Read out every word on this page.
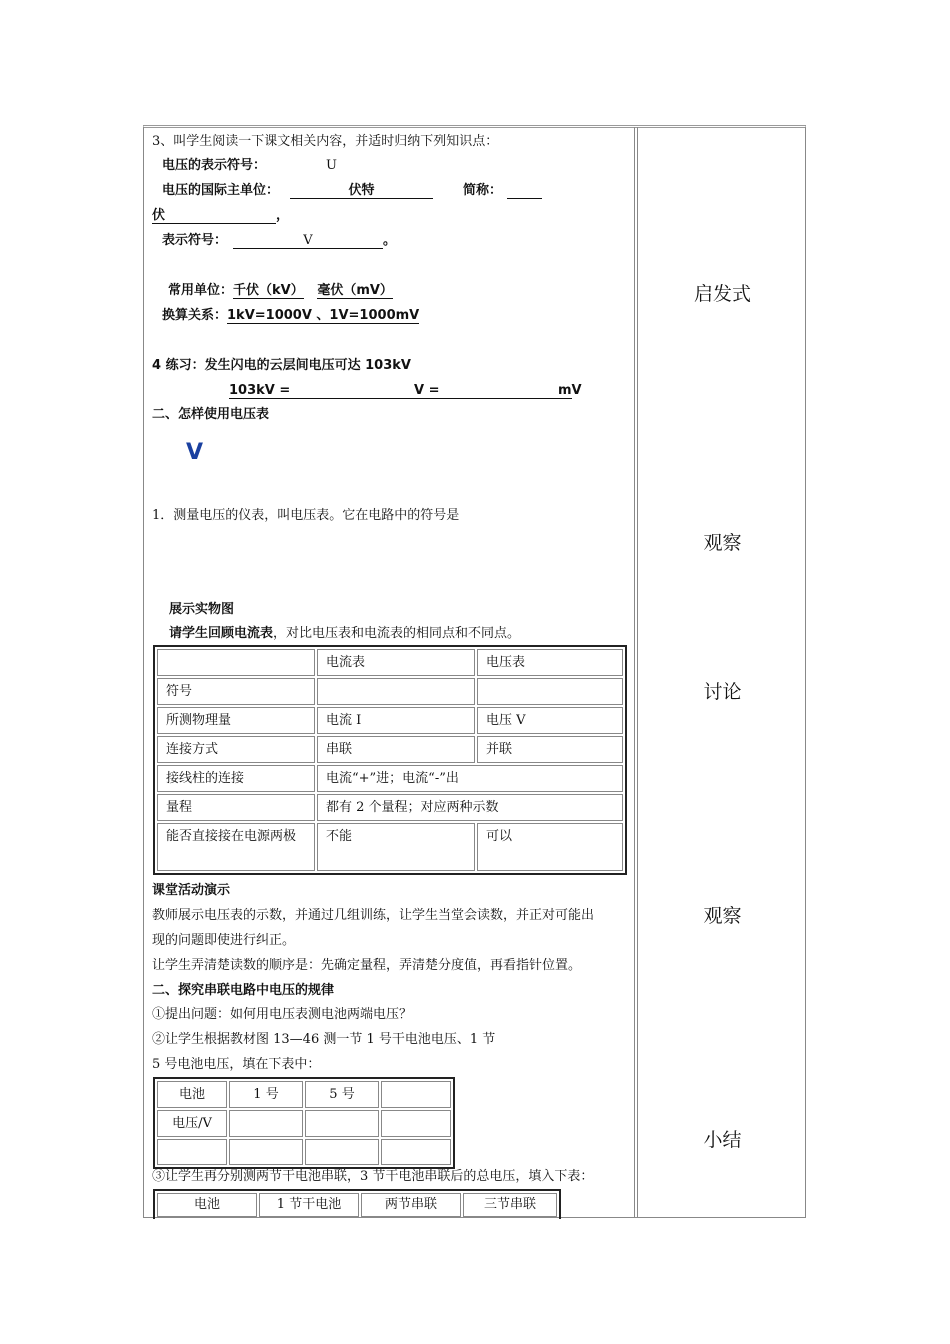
3、叫学生阅读一下课文相关内容，并适时归纳下列知识点：
电压的表示符号：	U
电压的国际主单位：	伏特	简称：

伏	，
表示符号：	V	。
常用单位：千伏（kV） 毫伏（mV）
换算关系：1kV=1000V 、1V=1000mV
4 练习：发生闪电的云层间电压可达 103kV
103kV =	V =	mV
二、怎样使用电压表
V
1．测量电压的仪表，叫电压表。它在电路中的符号是
展示实物图
请学生回顾电流表，对比电压表和电流表的相同点和不同点。
	电流表	电压表
符号		
所测物理量	电流 I	电压 V
连接方式	串联	并联
接线柱的连接	电流“+”进；电流“-”出	
量程	都有 2 个量程；对应两种示数	
能否直接接在电源两极	不能	可以
课堂活动演示
教师展示电压表的示数，并通过几组训练，让学生当堂会读数，并正对可能出
现的问题即使进行纠正。
让学生弄清楚读数的顺序是：先确定量程，弄清楚分度值，再看指针位置。
二、探究串联电路中电压的规律
①提出问题：如何用电压表测电池两端电压？
②让学生根据教材图 13—46 测一节 1 号干电池电压、1 节
5 号电池电压，填在下表中：
电池	1 号	5 号	
电压/V			

③让学生再分别测两节干电池串联，3 节干电池串联后的总电压，填入下表：
电池	1 节干电池	两节串联	三节串联
启发式
观察
讨论
观察
小结
